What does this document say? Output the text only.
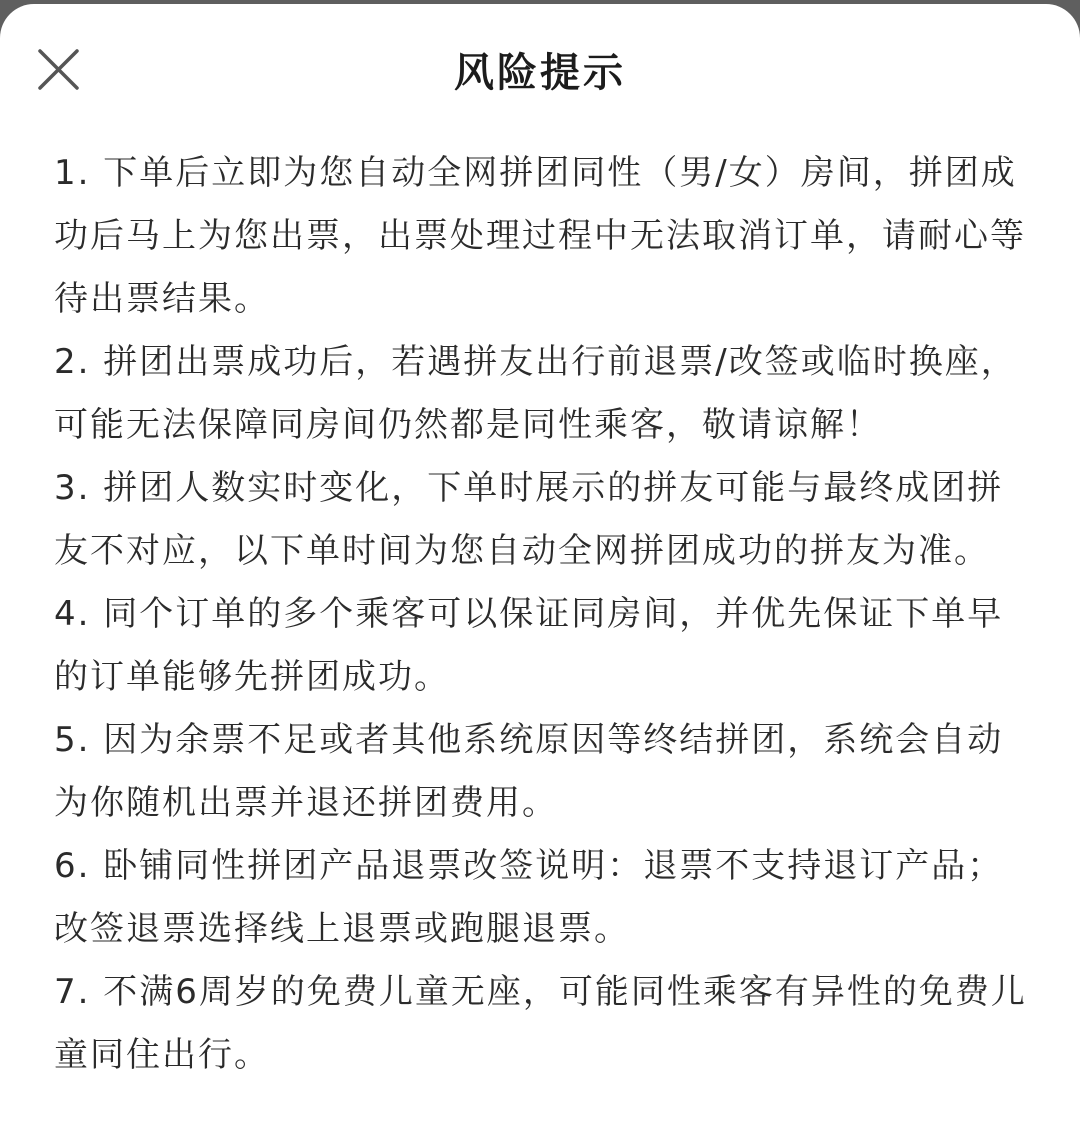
风险提示
1. 下单后立即为您自动全网拼团同性（男/女）房间，拼团成功后马上为您出票，出票处理过程中无法取消订单，请耐心等待出票结果。
2. 拼团出票成功后，若遇拼友出行前退票/改签或临时换座，可能无法保障同房间仍然都是同性乘客，敬请谅解！
3. 拼团人数实时变化，下单时展示的拼友可能与最终成团拼友不对应，以下单时间为您自动全网拼团成功的拼友为准。
4. 同个订单的多个乘客可以保证同房间，并优先保证下单早的订单能够先拼团成功。
5. 因为余票不足或者其他系统原因等终结拼团，系统会自动为你随机出票并退还拼团费用。
6. 卧铺同性拼团产品退票改签说明：退票不支持退订产品；改签退票选择线上退票或跑腿退票。
7. 不满6周岁的免费儿童无座，可能同性乘客有异性的免费儿童同住出行。
